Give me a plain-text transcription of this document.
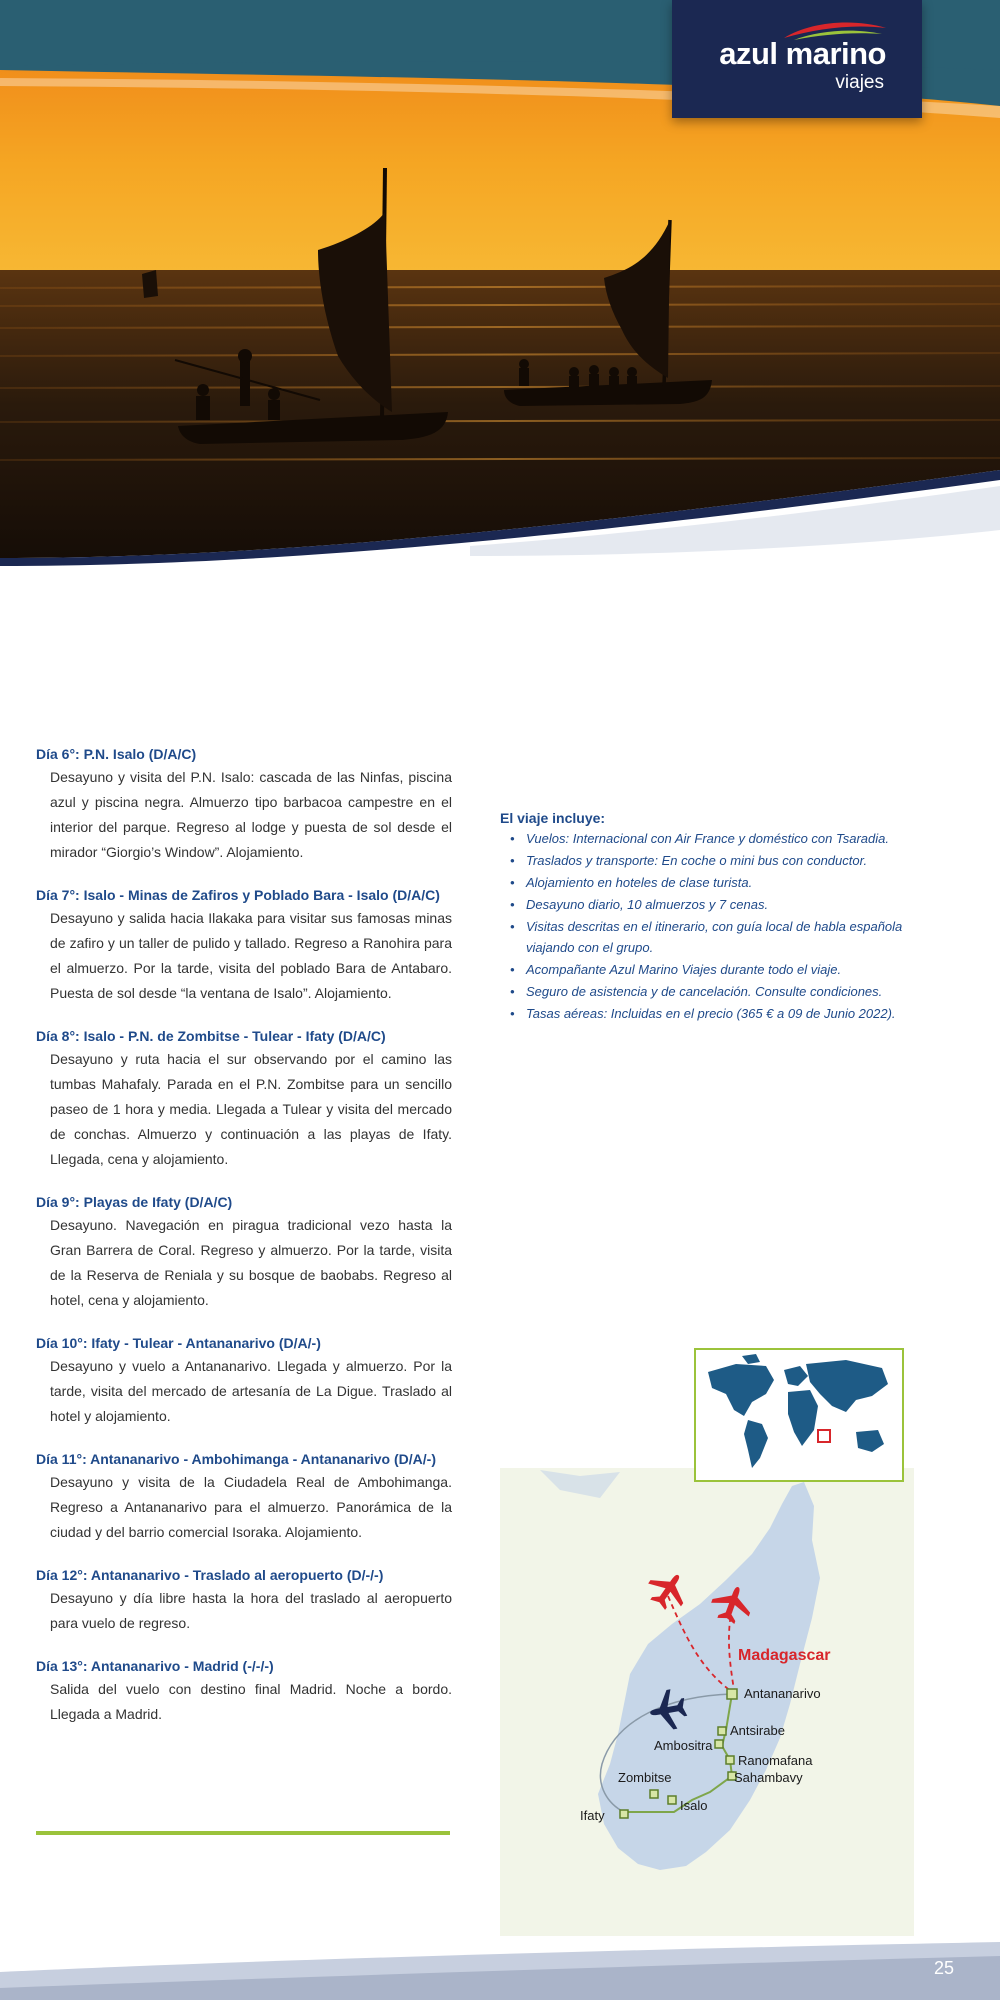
azul marino
viajes
Día 6°: P.N. Isalo (D/A/C)
Desayuno y visita del P.N. Isalo: cascada de las Ninfas, piscina azul y piscina negra. Almuerzo tipo barbacoa campestre en el interior del parque. Regreso al lodge y puesta de sol desde el mirador “Giorgio’s Window”. Alojamiento.
Día 7°: Isalo - Minas de Zafiros y Poblado Bara - Isalo (D/A/C)
Desayuno y salida hacia Ilakaka para visitar sus famosas minas de zafiro y un taller de pulido y tallado. Regreso a Ranohira para el almuerzo. Por la tarde, visita del poblado Bara de Antabaro. Puesta de sol desde “la ventana de Isalo”. Alojamiento.
Día 8°: Isalo - P.N. de Zombitse - Tulear - Ifaty (D/A/C)
Desayuno y ruta hacia el sur observando por el camino las tumbas Mahafaly. Parada en el P.N. Zombitse para un sencillo paseo de 1 hora y media. Llegada a Tulear y visita del mercado de conchas. Almuerzo y continuación a las playas de Ifaty. Llegada, cena y alojamiento.
Día 9°: Playas de Ifaty (D/A/C)
Desayuno. Navegación en piragua tradicional vezo hasta la Gran Barrera de Coral. Regreso y almuerzo. Por la tarde, visita de la Reserva de Reniala y su bosque de baobabs. Regreso al hotel, cena y alojamiento.
Día 10°: Ifaty - Tulear - Antananarivo (D/A/-)
Desayuno y vuelo a Antananarivo. Llegada y almuerzo. Por la tarde, visita del mercado de artesanía de La Digue. Traslado al hotel y alojamiento.
Día 11°: Antananarivo - Ambohimanga - Antananarivo (D/A/-)
Desayuno y visita de la Ciudadela Real de Ambohimanga. Regreso a Antananarivo para el almuerzo. Panorámica de la ciudad y del barrio comercial Isoraka. Alojamiento.
Día 12°: Antananarivo - Traslado al aeropuerto (D/-/-)
Desayuno y día libre hasta la hora del traslado al aeropuerto para vuelo de regreso.
Día 13°: Antananarivo - Madrid (-/-/-)
Salida del vuelo con destino final Madrid. Noche a bordo. Llegada a Madrid.
El viaje incluye:
• Vuelos: Internacional con Air France y doméstico con Tsaradia.
• Traslados y transporte: En coche o mini bus con conductor.
• Alojamiento en hoteles de clase turista.
• Desayuno diario, 10 almuerzos y 7 cenas.
• Visitas descritas en el itinerario, con guía local de habla española viajando con el grupo.
• Acompañante Azul Marino Viajes durante todo el viaje.
• Seguro de asistencia y de cancelación. Consulte condiciones.
• Tasas aéreas: Incluidas en el precio (365 € a 09 de Junio 2022).
Madagascar
Antananarivo
Antsirabe
Ambositra
Ranomafana
Sahambavy
Zombitse
Isalo
Ifaty
25
